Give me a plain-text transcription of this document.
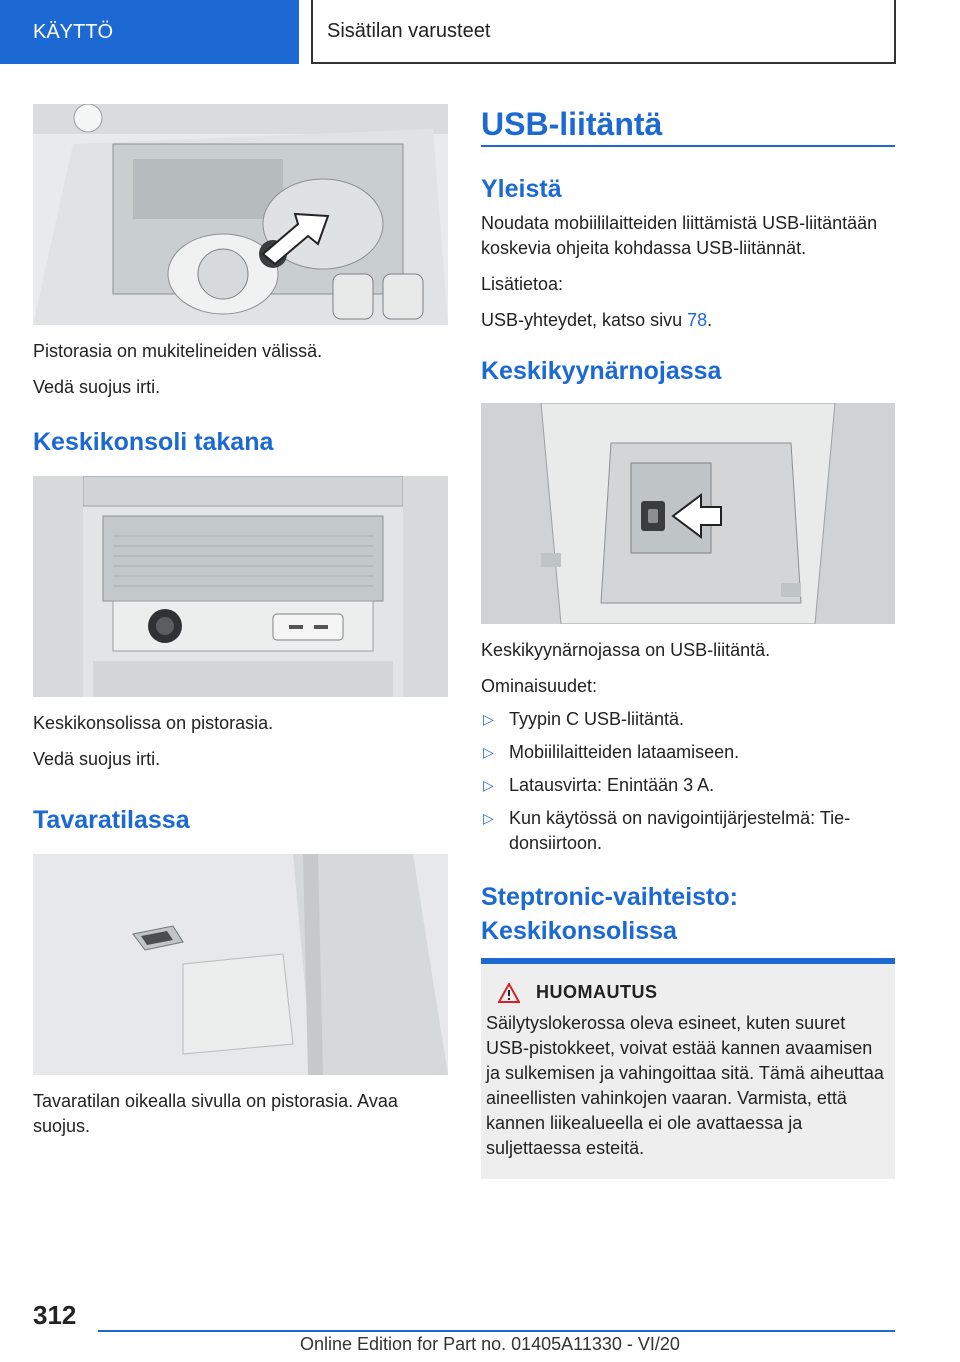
KÄYTTÖ	Sisätilan varusteet

Pistorasia on mukitelineiden välissä.

Vedä suojus irti.

Keskikonsoli takana

Keskikonsolissa on pistorasia.

Vedä suojus irti.

Tavaratilassa

Tavaratilan oikealla sivulla on pistorasia. Avaa suojus.

USB-liitäntä
Yleistä

Noudata mobiililaitteiden liittämistä USB-liitäntään koskevia ohjeita kohdassa USB-liitännät.

Lisätietoa:

USB-yhteydet, katso sivu 78.

Keskikyynärnojassa

Keskikyynärnojassa on USB-liitäntä.

Ominaisuudet:

▷ Tyypin C USB-liitäntä.
▷ Mobiililaitteiden lataamiseen.
▷ Latausvirta: Enintään 3 A.
▷ Kun käytössä on navigointijärjestelmä: Tiedonsiirtoon.
Steptronic-vaihteisto: Keskikonsolissa
HUOMAUTUS

Säilytyslokerossa oleva esineet, kuten suuret USB-pistokkeet, voivat estää kannen avaamisen ja sulkemisen ja vahingoittaa sitä. Tämä aiheuttaa aineellisten vahinkojen vaaran. Varmista, että kannen liikealueella ei ole avattaessa ja suljettaessa esteitä.

312
Online Edition for Part no. 01405A11330 - VI/20
